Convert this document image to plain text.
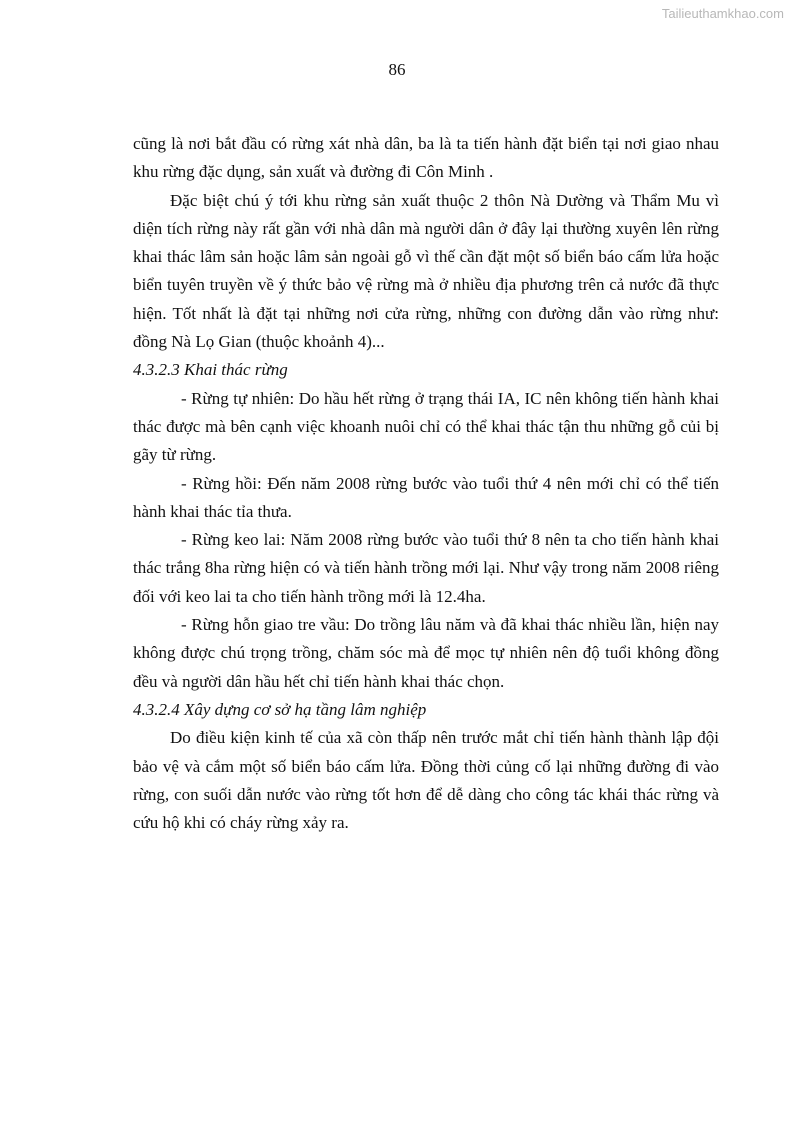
Tailieuthamkhao.com
86

cũng là nơi bắt đầu có rừng xát nhà dân, ba là ta tiến hành đặt biển tại nơi giao nhau khu rừng đặc dụng, sản xuất và đường đi Côn Minh .

Đặc biệt chú ý tới khu rừng sản xuất thuộc 2 thôn Nà Dường và Thẩm Mu vì diện tích rừng này rất gần với nhà dân mà người dân ở đây lại thường xuyên lên rừng khai thác lâm sản hoặc lâm sản ngoài gỗ vì thế cần đặt một số biển báo cấm lửa hoặc biển tuyên truyền về ý thức bảo vệ rừng mà ở nhiều địa phương trên cả nước đã thực hiện. Tốt nhất là đặt tại những nơi cửa rừng, những con đường dẫn vào rừng như: đồng Nà Lọ Gian (thuộc khoảnh 4)...

4.3.2.3 Khai thác rừng

- Rừng tự nhiên: Do hầu hết rừng ở trạng thái IA, IC nên không tiến hành khai thác được mà bên cạnh việc khoanh nuôi chỉ có thể khai thác tận thu những gỗ củi bị gãy từ rừng.

- Rừng hồi: Đến năm 2008 rừng bước vào tuổi thứ 4 nên mới chỉ có thể tiến hành khai thác tỉa thưa.

- Rừng keo lai: Năm 2008 rừng bước vào tuổi thứ 8 nên ta cho tiến hành khai thác trắng 8ha rừng hiện có và tiến hành trồng mới lại. Như vậy trong năm 2008 riêng đối với keo lai ta cho tiến hành trồng mới là 12.4ha.

- Rừng hỗn giao tre vầu: Do trồng lâu năm và đã khai thác nhiều lần, hiện nay không được chú trọng trồng, chăm sóc mà để mọc tự nhiên nên độ tuổi không đồng đều và người dân hầu hết chỉ tiến hành khai thác chọn.

4.3.2.4 Xây dựng cơ sở hạ tầng lâm nghiệp

Do điều kiện kinh tế của xã còn thấp nên trước mắt chỉ tiến hành thành lập đội bảo vệ và cắm một số biển báo cấm lửa. Đồng thời củng cố lại những đường đi vào rừng, con suối dẫn nước vào rừng tốt hơn để dễ dàng cho công tác khái thác rừng và cứu hộ khi có cháy rừng xảy ra.
